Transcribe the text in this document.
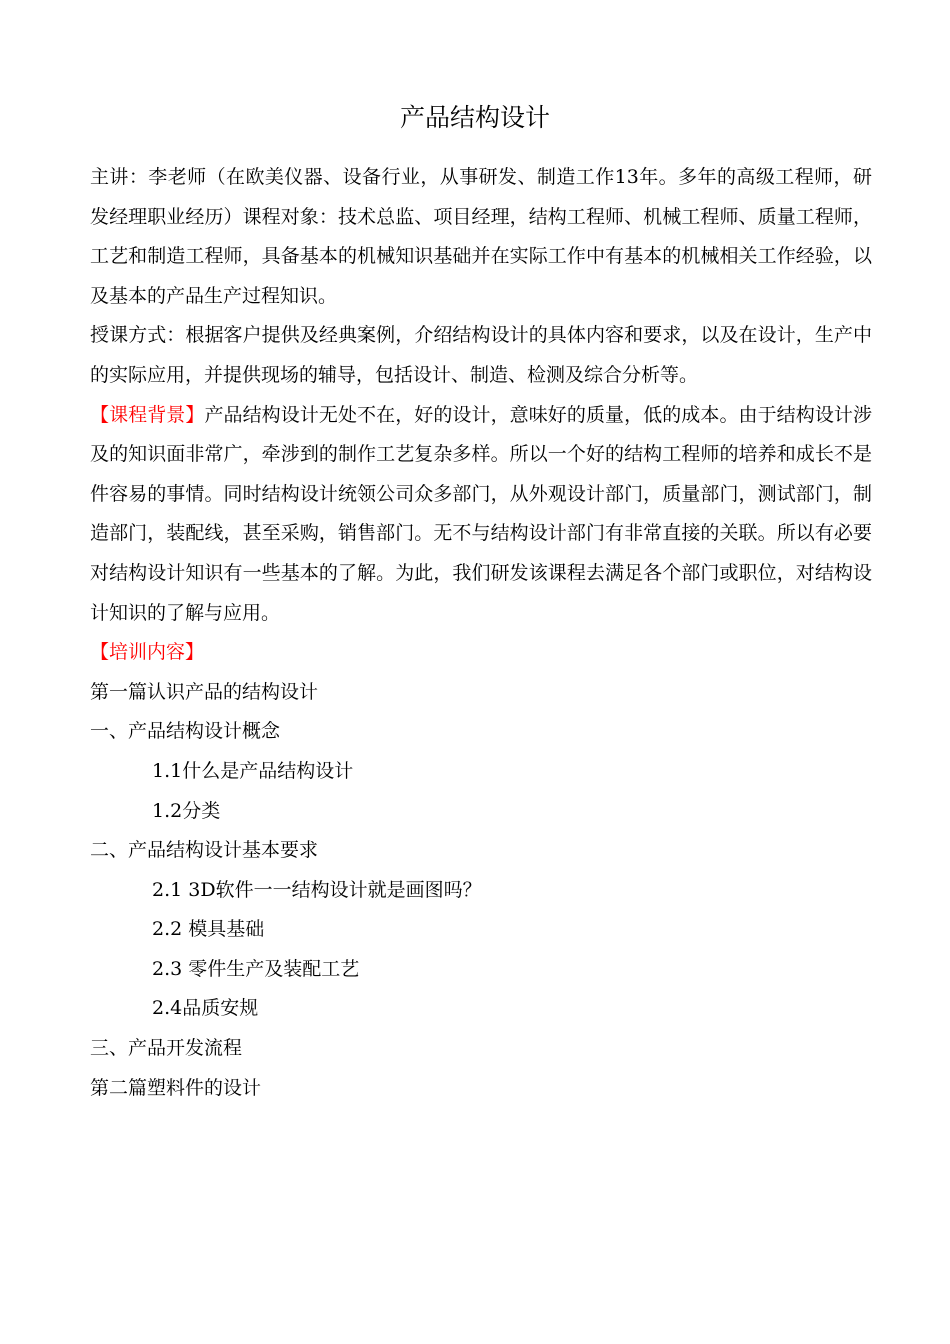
产品结构设计

主讲：李老师（在欧美仪器、设备行业，从事研发、制造工作13年。多年的高级工程师，研发经理职业经历）课程对象：技术总监、项目经理，结构工程师、机械工程师、质量工程师，工艺和制造工程师，具备基本的机械知识基础并在实际工作中有基本的机械相关工作经验，以及基本的产品生产过程知识。

授课方式：根据客户提供及经典案例，介绍结构设计的具体内容和要求，以及在设计，生产中的实际应用，并提供现场的辅导，包括设计、制造、检测及综合分析等。

【课程背景】产品结构设计无处不在，好的设计，意味好的质量，低的成本。由于结构设计涉及的知识面非常广，牵涉到的制作工艺复杂多样。所以一个好的结构工程师的培养和成长不是件容易的事情。同时结构设计统领公司众多部门，从外观设计部门，质量部门，测试部门，制造部门，装配线，甚至采购，销售部门。无不与结构设计部门有非常直接的关联。所以有必要对结构设计知识有一些基本的了解。为此，我们研发该课程去满足各个部门或职位，对结构设计知识的了解与应用。

【培训内容】

第一篇认识产品的结构设计

一、产品结构设计概念

1.1什么是产品结构设计

1.2分类

二、产品结构设计基本要求

2.1 3D软件一一结构设计就是画图吗？

2.2 模具基础

2.3 零件生产及装配工艺

2.4品质安规

三、产品开发流程

第二篇塑料件的设计
